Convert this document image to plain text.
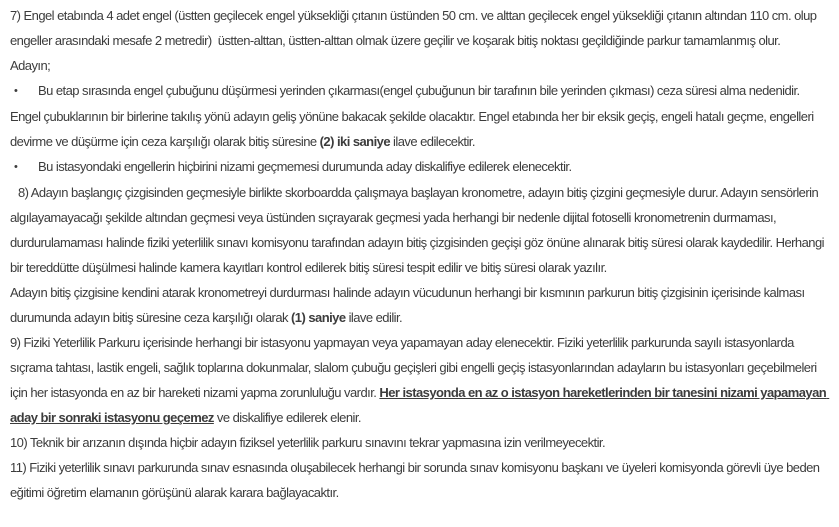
7) Engel etabında 4 adet engel (üstten geçilecek engel yüksekliği çıtanın üstünden 50 cm. ve alttan geçilecek engel yüksekliği çıtanın altından 110 cm. olup engeller arasındaki mesafe 2 metredir)  üstten-alttan, üstten-alttan olmak üzere geçilir ve koşarak bitiş noktası geçildiğinde parkur tamamlanmış olur.

Adayın;

• Bu etap sırasında engel çubuğunu düşürmesi yerinden çıkarması(engel çubuğunun bir tarafının bile yerinden çıkması) ceza süresi alma nedenidir. Engel çubuklarının bir birlerine takılış yönü adayın geliş yönüne bakacak şekilde olacaktır. Engel etabında her bir eksik geçiş, engeli hatalı geçme, engelleri devirme ve düşürme için ceza karşılığı olarak bitiş süresine (2) iki saniye ilave edilecektir.

• Bu istasyondaki engellerin hiçbirini nizami geçmemesi durumunda aday diskalifiye edilerek elenecektir.

8) Adayın başlangıç çizgisinden geçmesiyle birlikte skorboardda çalışmaya başlayan kronometre, adayın bitiş çizgini geçmesiyle durur. Adayın sensörlerin algılayamayacağı şekilde altından geçmesi veya üstünden sıçrayarak geçmesi yada herhangi bir nedenle dijital fotoselli kronometrenin durmaması, durdurulamaması halinde fiziki yeterlilik sınavı komisyonu tarafından adayın bitiş çizgisinden geçişi göz önüne alınarak bitiş süresi olarak kaydedilir. Herhangi bir tereddütte düşülmesi halinde kamera kayıtları kontrol edilerek bitiş süresi tespit edilir ve bitiş süresi olarak yazılır.

Adayın bitiş çizgisine kendini atarak kronometreyi durdurması halinde adayın vücudunun herhangi bir kısmının parkurun bitiş çizgisinin içerisinde kalması durumunda adayın bitiş süresine ceza karşılığı olarak (1) saniye ilave edilir.

9) Fiziki Yeterlilik Parkuru içerisinde herhangi bir istasyonu yapmayan veya yapamayan aday elenecektir. Fiziki yeterlilik parkurunda sayılı istasyonlarda sıçrama tahtası, lastik engeli, sağlık toplarına dokunmalar, slalom çubuğu geçişleri gibi engelli geçiş istasyonlarından adayların bu istasyonları geçebilmeleri için her istasyonda en az bir hareketi nizami yapma zorunluluğu vardır. Her istasyonda en az o istasyon hareketlerinden bir tanesini nizami yapamayan aday bir sonraki istasyonu geçemez ve diskalifiye edilerek elenir.

10) Teknik bir arızanın dışında hiçbir adayın fiziksel yeterlilik parkuru sınavını tekrar yapmasına izin verilmeyecektir.

11) Fiziki yeterlilik sınavı parkurunda sınav esnasında oluşabilecek herhangi bir sorunda sınav komisyonu başkanı ve üyeleri komisyonda görevli üye beden eğitimi öğretim elamanın görüşünü alarak karara bağlayacaktır.
